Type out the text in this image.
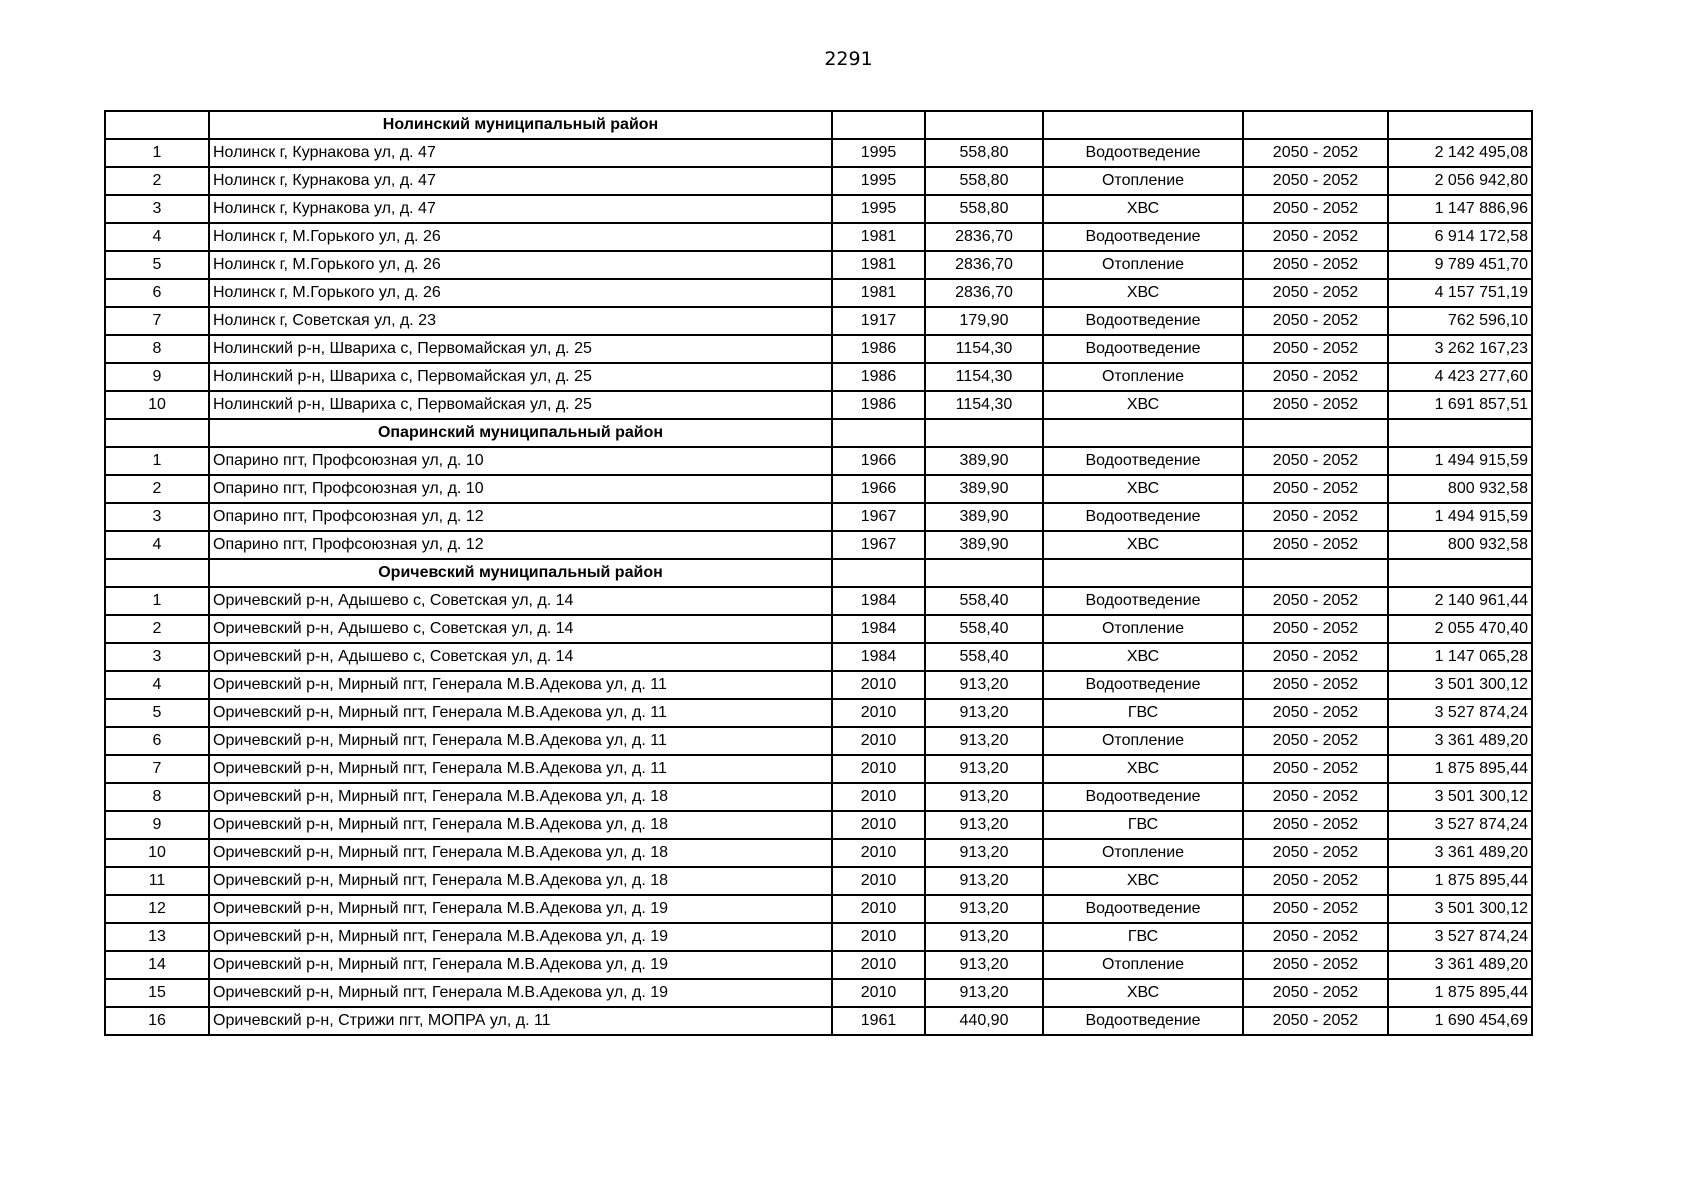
2291
	Нолинский муниципальный район					
1	Нолинск г, Курнакова ул, д. 47	1995	558,80	Водоотведение	2050 - 2052	2 142 495,08
2	Нолинск г, Курнакова ул, д. 47	1995	558,80	Отопление	2050 - 2052	2 056 942,80
3	Нолинск г, Курнакова ул, д. 47	1995	558,80	ХВС	2050 - 2052	1 147 886,96
4	Нолинск г, М.Горького ул, д. 26	1981	2836,70	Водоотведение	2050 - 2052	6 914 172,58
5	Нолинск г, М.Горького ул, д. 26	1981	2836,70	Отопление	2050 - 2052	9 789 451,70
6	Нолинск г, М.Горького ул, д. 26	1981	2836,70	ХВС	2050 - 2052	4 157 751,19
7	Нолинск г, Советская ул, д. 23	1917	179,90	Водоотведение	2050 - 2052	762 596,10
8	Нолинский р-н, Швариха с, Первомайская ул, д. 25	1986	1154,30	Водоотведение	2050 - 2052	3 262 167,23
9	Нолинский р-н, Швариха с, Первомайская ул, д. 25	1986	1154,30	Отопление	2050 - 2052	4 423 277,60
10	Нолинский р-н, Швариха с, Первомайская ул, д. 25	1986	1154,30	ХВС	2050 - 2052	1 691 857,51
	Опаринский муниципальный район					
1	Опарино пгт, Профсоюзная ул, д. 10	1966	389,90	Водоотведение	2050 - 2052	1 494 915,59
2	Опарино пгт, Профсоюзная ул, д. 10	1966	389,90	ХВС	2050 - 2052	800 932,58
3	Опарино пгт, Профсоюзная ул, д. 12	1967	389,90	Водоотведение	2050 - 2052	1 494 915,59
4	Опарино пгт, Профсоюзная ул, д. 12	1967	389,90	ХВС	2050 - 2052	800 932,58
	Оричевский муниципальный район					
1	Оричевский р-н, Адышево с, Советская ул, д. 14	1984	558,40	Водоотведение	2050 - 2052	2 140 961,44
2	Оричевский р-н, Адышево с, Советская ул, д. 14	1984	558,40	Отопление	2050 - 2052	2 055 470,40
3	Оричевский р-н, Адышево с, Советская ул, д. 14	1984	558,40	ХВС	2050 - 2052	1 147 065,28
4	Оричевский р-н, Мирный пгт, Генерала М.В.Адекова ул, д. 11	2010	913,20	Водоотведение	2050 - 2052	3 501 300,12
5	Оричевский р-н, Мирный пгт, Генерала М.В.Адекова ул, д. 11	2010	913,20	ГВС	2050 - 2052	3 527 874,24
6	Оричевский р-н, Мирный пгт, Генерала М.В.Адекова ул, д. 11	2010	913,20	Отопление	2050 - 2052	3 361 489,20
7	Оричевский р-н, Мирный пгт, Генерала М.В.Адекова ул, д. 11	2010	913,20	ХВС	2050 - 2052	1 875 895,44
8	Оричевский р-н, Мирный пгт, Генерала М.В.Адекова ул, д. 18	2010	913,20	Водоотведение	2050 - 2052	3 501 300,12
9	Оричевский р-н, Мирный пгт, Генерала М.В.Адекова ул, д. 18	2010	913,20	ГВС	2050 - 2052	3 527 874,24
10	Оричевский р-н, Мирный пгт, Генерала М.В.Адекова ул, д. 18	2010	913,20	Отопление	2050 - 2052	3 361 489,20
11	Оричевский р-н, Мирный пгт, Генерала М.В.Адекова ул, д. 18	2010	913,20	ХВС	2050 - 2052	1 875 895,44
12	Оричевский р-н, Мирный пгт, Генерала М.В.Адекова ул, д. 19	2010	913,20	Водоотведение	2050 - 2052	3 501 300,12
13	Оричевский р-н, Мирный пгт, Генерала М.В.Адекова ул, д. 19	2010	913,20	ГВС	2050 - 2052	3 527 874,24
14	Оричевский р-н, Мирный пгт, Генерала М.В.Адекова ул, д. 19	2010	913,20	Отопление	2050 - 2052	3 361 489,20
15	Оричевский р-н, Мирный пгт, Генерала М.В.Адекова ул, д. 19	2010	913,20	ХВС	2050 - 2052	1 875 895,44
16	Оричевский р-н, Стрижи пгт, МОПРА ул, д. 11	1961	440,90	Водоотведение	2050 - 2052	1 690 454,69
